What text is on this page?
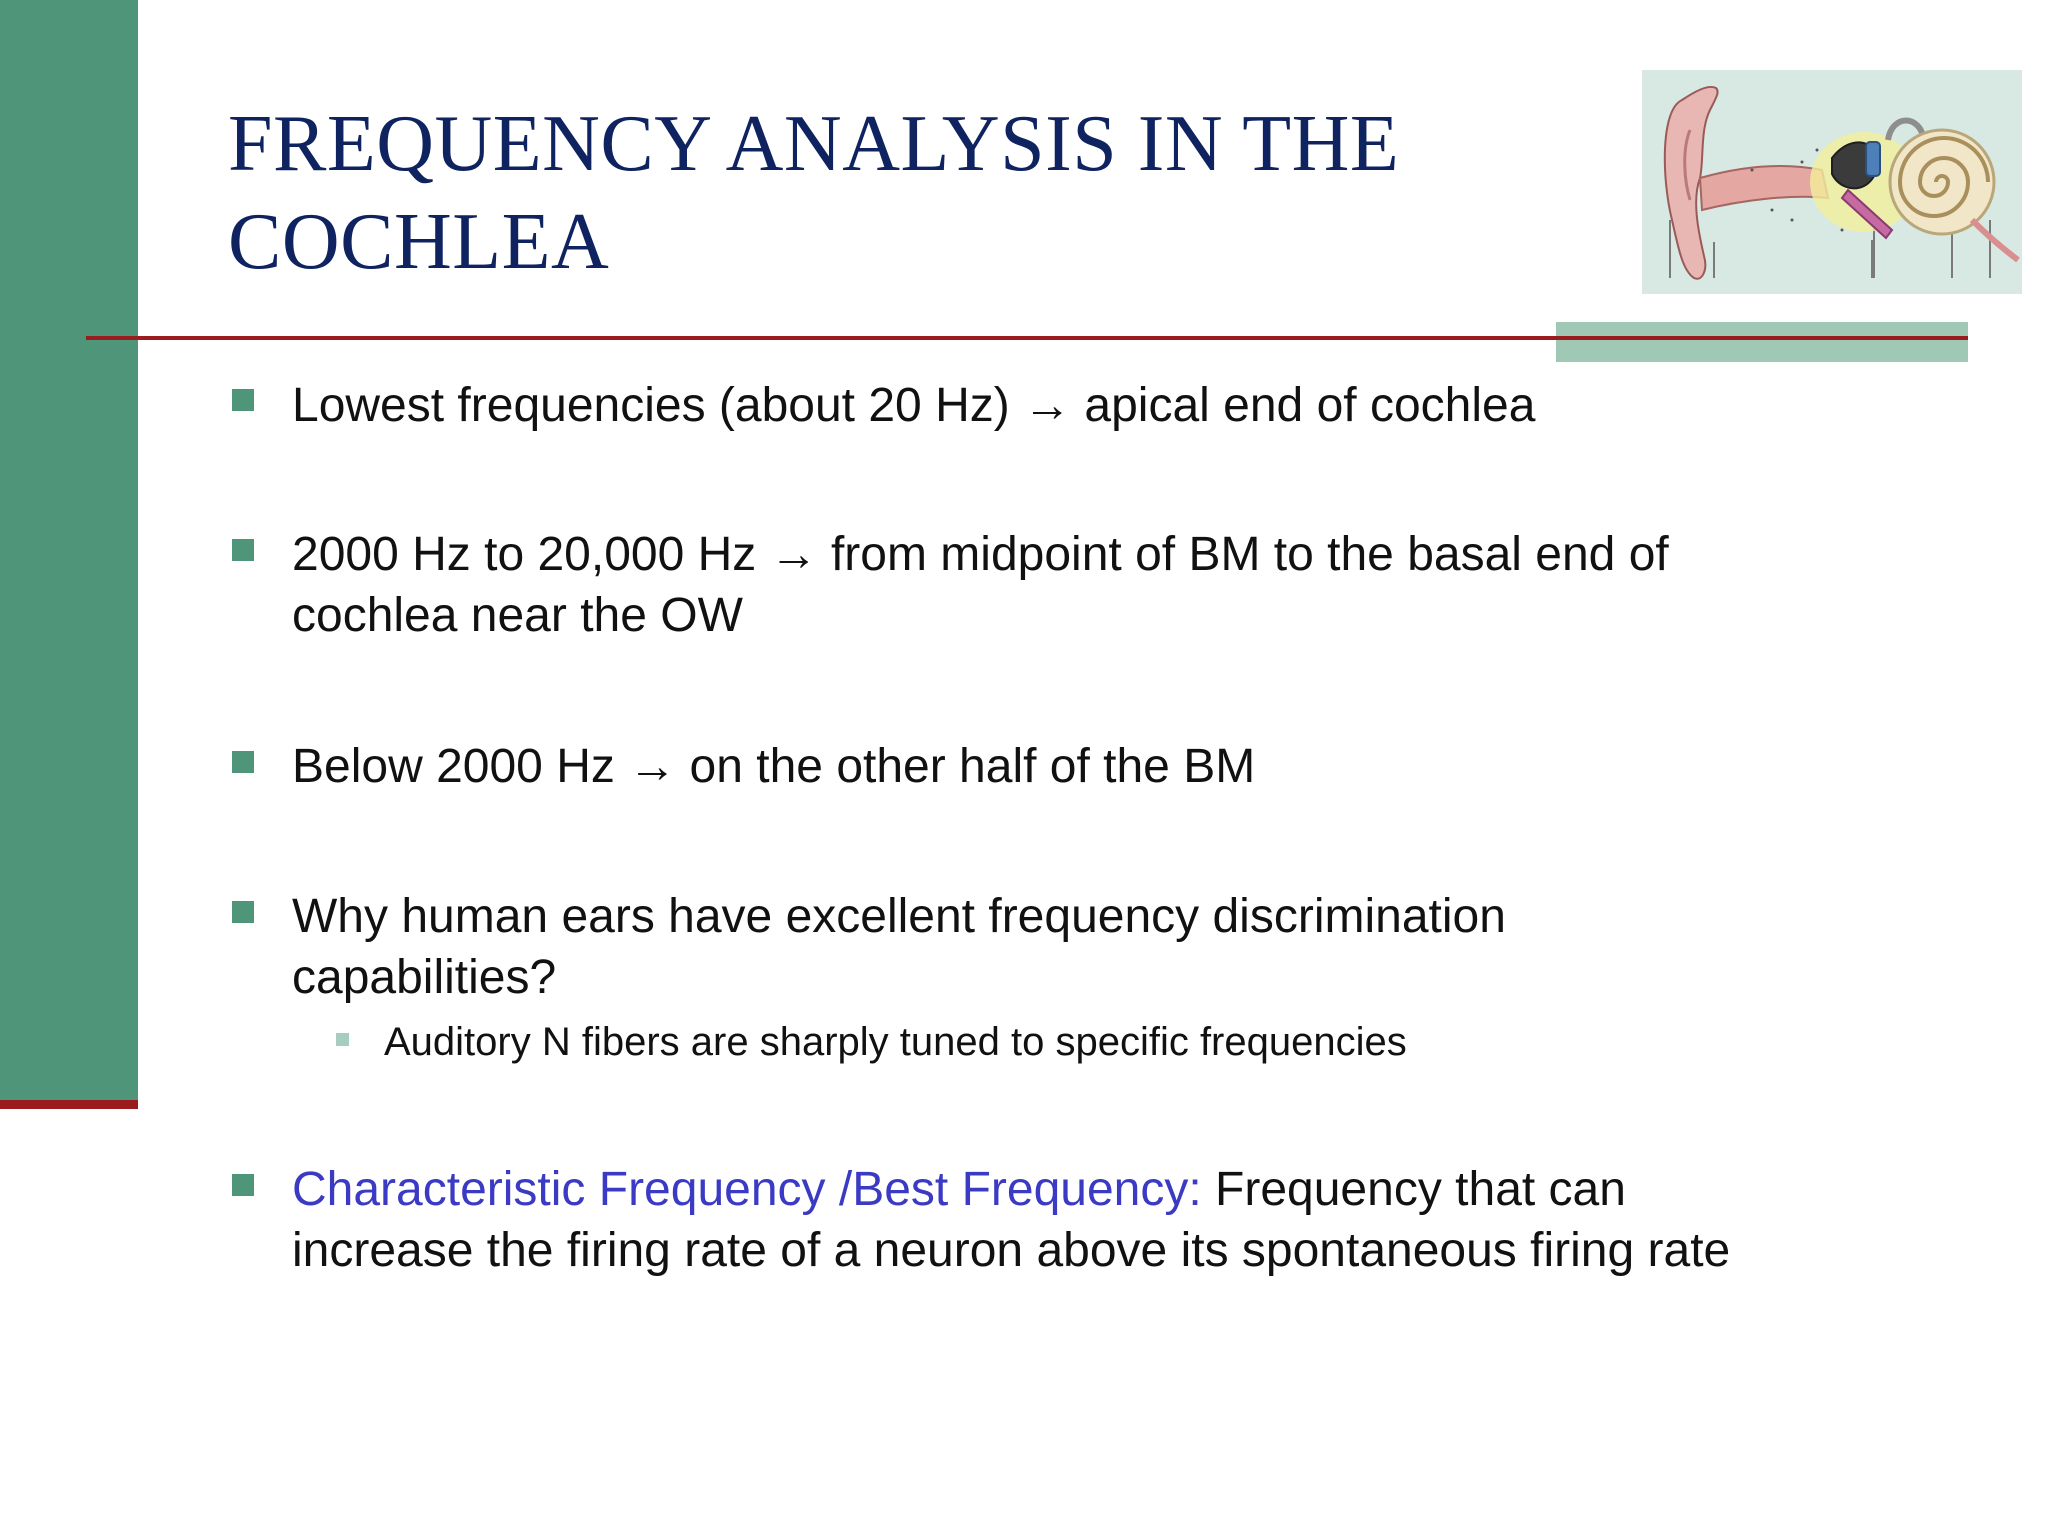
FREQUENCY ANALYSIS IN THE
COCHLEA
Lowest frequencies (about 20 Hz) → apical end of cochlea
2000 Hz to 20,000 Hz → from midpoint of BM to the basal end of
cochlea near the OW
Below 2000 Hz → on the other half of the BM
Why human ears have excellent frequency discrimination
capabilities?
Auditory N fibers are sharply tuned to specific frequencies
Characteristic Frequency /Best Frequency: Frequency that can
increase the firing rate of a neuron above its spontaneous firing rate
